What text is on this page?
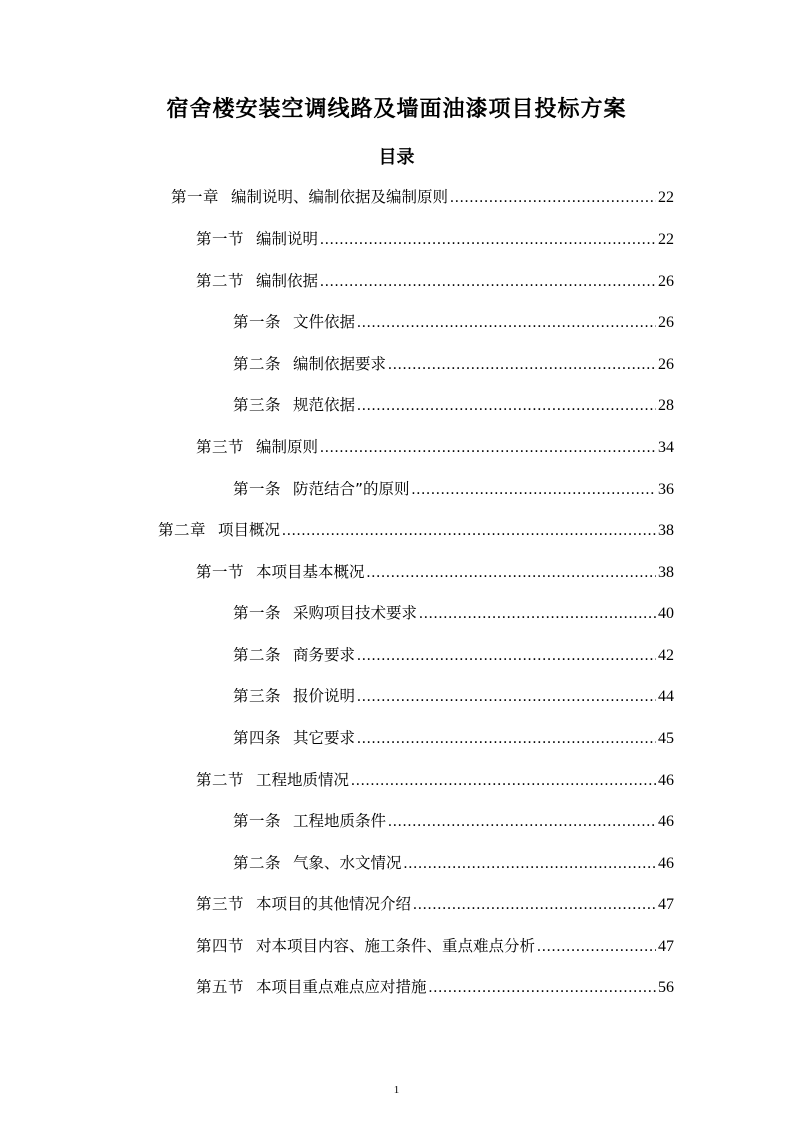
宿舍楼安装空调线路及墙面油漆项目投标方案
目录
第一章 编制说明、编制依据及编制原则 .....	22
第一节 编制说明 .....	22
第二节 编制依据 .....	26
第一条 文件依据 .....	26
第二条 编制依据要求 .....	26
第三条 规范依据 .....	28
第三节 编制原则 .....	34
第一条 防范结合”的原则 .....	36
第二章 项目概况 .....	38
第一节 本项目基本概况 .....	38
第一条 采购项目技术要求 .....	40
第二条 商务要求 .....	42
第三条 报价说明 .....	44
第四条 其它要求 .....	45
第二节 工程地质情况 .....	46
第一条 工程地质条件 .....	46
第二条 气象、水文情况 .....	46
第三节 本项目的其他情况介绍 .....	47
第四节 对本项目内容、施工条件、重点难点分析 .....	47
第五节 本项目重点难点应对措施 .....	56
1
